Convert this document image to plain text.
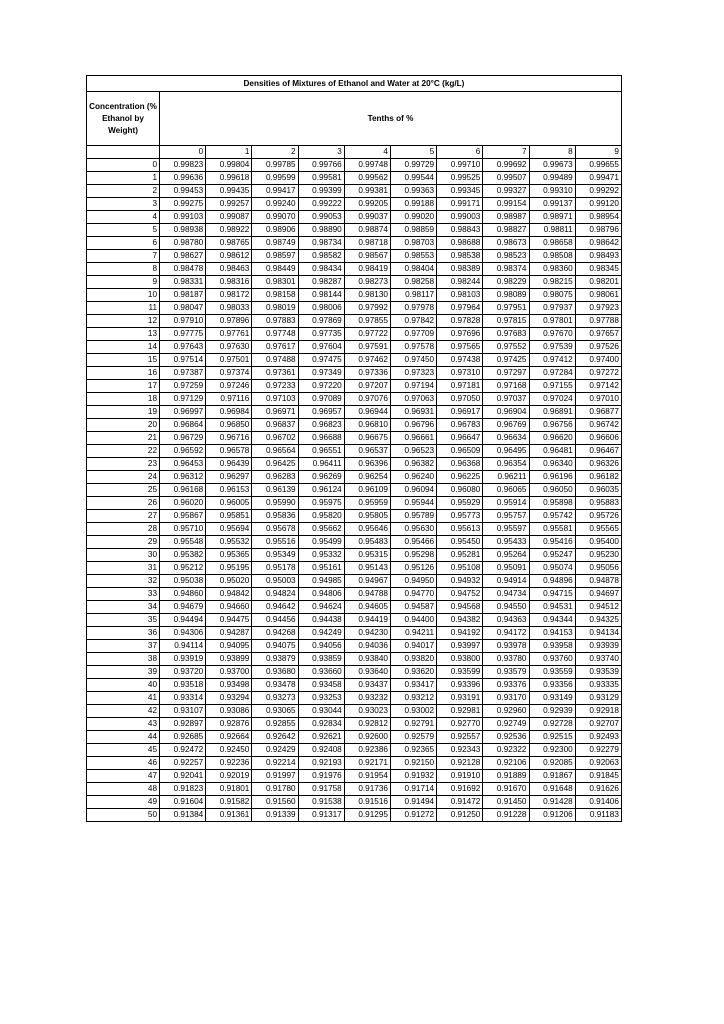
Densities of Mixtures of Ethanol and Water at 20°C (kg/L)										
Concentration (% Ethanol by Weight)	Tenths of %									
	0	1	2	3	4	5	6	7	8	9
0	0.99823	0.99804	0.99785	0.99766	0.99748	0.99729	0.99710	0.99692	0.99673	0.99655
1	0.99636	0.99618	0.99599	0.99581	0.99562	0.99544	0.99525	0.99507	0.99489	0.99471
2	0.99453	0.99435	0.99417	0.99399	0.99381	0.99363	0.99345	0.99327	0.99310	0.99292
3	0.99275	0.99257	0.99240	0.99222	0.99205	0.99188	0.99171	0.99154	0.99137	0.99120
4	0.99103	0.99087	0.99070	0.99053	0.99037	0.99020	0.99003	0.98987	0.98971	0.98954
5	0.98938	0.98922	0.98906	0.98890	0.98874	0.98859	0.98843	0.98827	0.98811	0.98796
6	0.98780	0.98765	0.98749	0.98734	0.98718	0.98703	0.98688	0.98673	0.98658	0.98642
7	0.98627	0.98612	0.98597	0.98582	0.98567	0.98553	0.98538	0.98523	0.98508	0.98493
8	0.98478	0.98463	0.98449	0.98434	0.98419	0.98404	0.98389	0.98374	0.98360	0.98345
9	0.98331	0.98316	0.98301	0.98287	0.98273	0.98258	0.98244	0.98229	0.98215	0.98201
10	0.98187	0.98172	0.98158	0.98144	0.98130	0.98117	0.98103	0.98089	0.98075	0.98061
11	0.98047	0.98033	0.98019	0.98006	0.97992	0.97978	0.97964	0.97951	0.97937	0.97923
12	0.97910	0.97896	0.97883	0.97869	0.97855	0.97842	0.97828	0.97815	0.97801	0.97788
13	0.97775	0.97761	0.97748	0.97735	0.97722	0.97709	0.97696	0.97683	0.97670	0.97657
14	0.97643	0.97630	0.97617	0.97604	0.97591	0.97578	0.97565	0.97552	0.97539	0.97526
15	0.97514	0.97501	0.97488	0.97475	0.97462	0.97450	0.97438	0.97425	0.97412	0.97400
16	0.97387	0.97374	0.97361	0.97349	0.97336	0.97323	0.97310	0.97297	0.97284	0.97272
17	0.97259	0.97246	0.97233	0.97220	0.97207	0.97194	0.97181	0.97168	0.97155	0.97142
18	0.97129	0.97116	0.97103	0.97089	0.97076	0.97063	0.97050	0.97037	0.97024	0.97010
19	0.96997	0.96984	0.96971	0.96957	0.96944	0.96931	0.96917	0.96904	0.96891	0.96877
20	0.96864	0.96850	0.96837	0.96823	0.96810	0.96796	0.96783	0.96769	0.96756	0.96742
21	0.96729	0.96716	0.96702	0.96688	0.96675	0.96661	0.96647	0.96634	0.96620	0.96606
22	0.96592	0.96578	0.96564	0.96551	0.96537	0.96523	0.96509	0.96495	0.96481	0.96467
23	0.96453	0.96439	0.96425	0.96411	0.96396	0.96382	0.96368	0.96354	0.96340	0.96326
24	0.96312	0.96297	0.96283	0.96269	0.96254	0.96240	0.96225	0.96211	0.96196	0.96182
25	0.96168	0.96153	0.96139	0.96124	0.96109	0.96094	0.96080	0.96065	0.96050	0.96035
26	0.96020	0.96005	0.95990	0.95975	0.95959	0.95944	0.95929	0.95914	0.95898	0.95883
27	0.95867	0.95851	0.95836	0.95820	0.95805	0.95789	0.95773	0.95757	0.95742	0.95726
28	0.95710	0.95694	0.95678	0.95662	0.95646	0.95630	0.95613	0.95597	0.95581	0.95565
29	0.95548	0.95532	0.95516	0.95499	0.95483	0.95466	0.95450	0.95433	0.95416	0.95400
30	0.95382	0.95365	0.95349	0.95332	0.95315	0.95298	0.95281	0.95264	0.95247	0.95230
31	0.95212	0.95195	0.95178	0.95161	0.95143	0.95126	0.95108	0.95091	0.95074	0.95056
32	0.95038	0.95020	0.95003	0.94985	0.94967	0.94950	0.94932	0.94914	0.94896	0.94878
33	0.94860	0.94842	0.94824	0.94806	0.94788	0.94770	0.94752	0.94734	0.94715	0.94697
34	0.94679	0.94660	0.94642	0.94624	0.94605	0.94587	0.94568	0.94550	0.94531	0.94512
35	0.94494	0.94475	0.94456	0.94438	0.94419	0.94400	0.94382	0.94363	0.94344	0.94325
36	0.94306	0.94287	0.94268	0.94249	0.94230	0.94211	0.94192	0.94172	0.94153	0.94134
37	0.94114	0.94095	0.94075	0.94056	0.94036	0.94017	0.93997	0.93978	0.93958	0.93939
38	0.93919	0.93899	0.93879	0.93859	0.93840	0.93820	0.93800	0.93780	0.93760	0.93740
39	0.93720	0.93700	0.93680	0.93660	0.93640	0.93620	0.93599	0.93579	0.93559	0.93539
40	0.93518	0.93498	0.93478	0.93458	0.93437	0.93417	0.93396	0.93376	0.93356	0.93335
41	0.93314	0.93294	0.93273	0.93253	0.93232	0.93212	0.93191	0.93170	0.93149	0.93129
42	0.93107	0.93086	0.93065	0.93044	0.93023	0.93002	0.92981	0.92960	0.92939	0.92918
43	0.92897	0.92876	0.92855	0.92834	0.92812	0.92791	0.92770	0.92749	0.92728	0.92707
44	0.92685	0.92664	0.92642	0.92621	0.92600	0.92579	0.92557	0.92536	0.92515	0.92493
45	0.92472	0.92450	0.92429	0.92408	0.92386	0.92365	0.92343	0.92322	0.92300	0.92279
46	0.92257	0.92236	0.92214	0.92193	0.92171	0.92150	0.92128	0.92106	0.92085	0.92063
47	0.92041	0.92019	0.91997	0.91976	0.91954	0.91932	0.91910	0.91889	0.91867	0.91845
48	0.91823	0.91801	0.91780	0.91758	0.91736	0.91714	0.91692	0.91670	0.91648	0.91626
49	0.91604	0.91582	0.91560	0.91538	0.91516	0.91494	0.91472	0.91450	0.91428	0.91406
50	0.91384	0.91361	0.91339	0.91317	0.91295	0.91272	0.91250	0.91228	0.91206	0.91183
